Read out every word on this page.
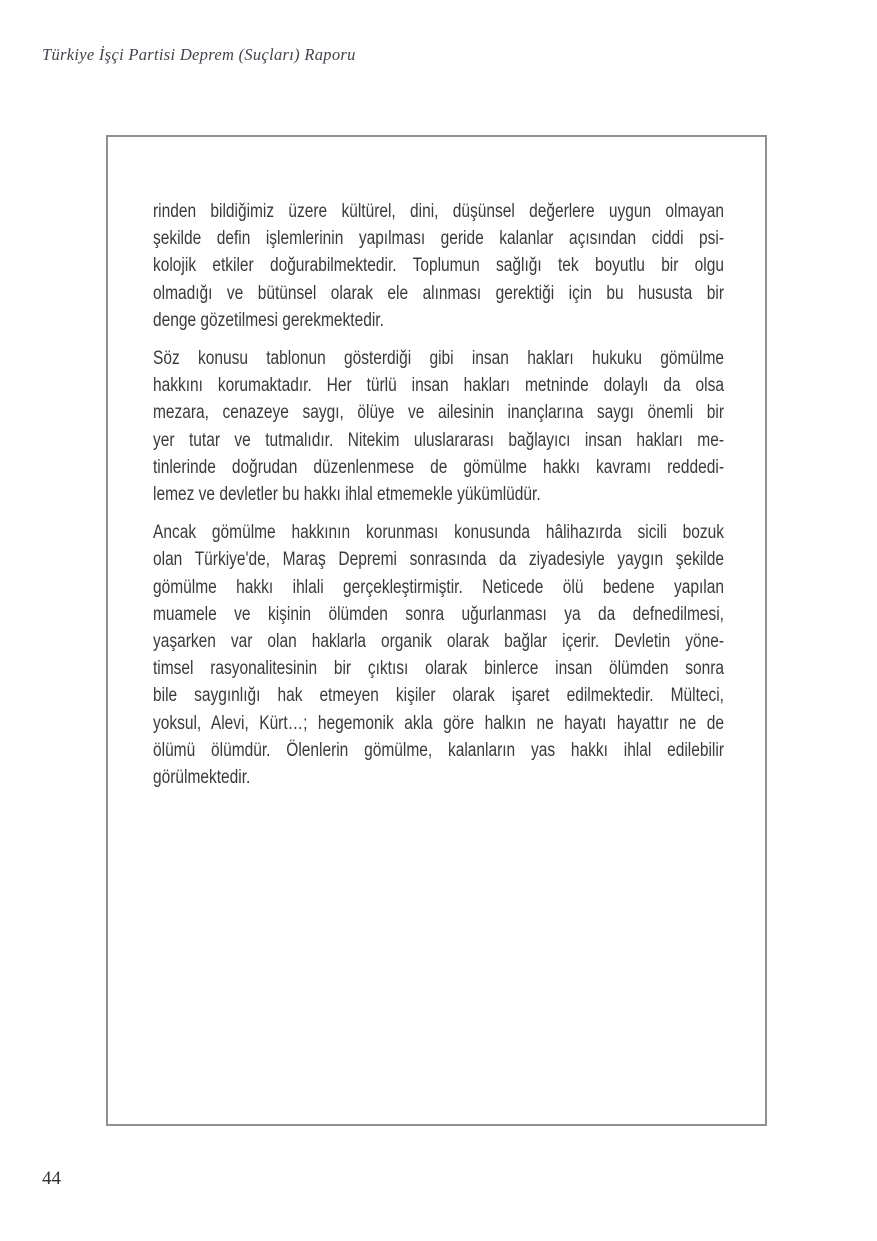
Türkiye İşçi Partisi Deprem (Suçları) Raporu
rinden bildiğimiz üzere kültürel, dini, düşünsel değerlere uygun olmayan
şekilde defin işlemlerinin yapılması geride kalanlar açısından ciddi psi-
kolojik etkiler doğurabilmektedir. Toplumun sağlığı tek boyutlu bir olgu
olmadığı ve bütünsel olarak ele alınması gerektiği için bu hususta bir
denge gözetilmesi gerekmektedir.
Söz konusu tablonun gösterdiği gibi insan hakları hukuku gömülme
hakkını korumaktadır. Her türlü insan hakları metninde dolaylı da olsa
mezara, cenazeye saygı, ölüye ve ailesinin inançlarına saygı önemli bir
yer tutar ve tutmalıdır. Nitekim uluslararası bağlayıcı insan hakları me-
tinlerinde doğrudan düzenlenmese de gömülme hakkı kavramı reddedi-
lemez ve devletler bu hakkı ihlal etmemekle yükümlüdür.
Ancak gömülme hakkının korunması konusunda hâlihazırda sicili bozuk
olan Türkiye'de, Maraş Depremi sonrasında da ziyadesiyle yaygın şekilde
gömülme hakkı ihlali gerçekleştirmiştir. Neticede ölü bedene yapılan
muamele ve kişinin ölümden sonra uğurlanması ya da defnedilmesi,
yaşarken var olan haklarla organik olarak bağlar içerir. Devletin yöne-
timsel rasyonalitesinin bir çıktısı olarak binlerce insan ölümden sonra
bile saygınlığı hak etmeyen kişiler olarak işaret edilmektedir. Mülteci,
yoksul, Alevi, Kürt…; hegemonik akla göre halkın ne hayatı hayattır ne de
ölümü ölümdür. Ölenlerin gömülme, kalanların yas hakkı ihlal edilebilir
görülmektedir.
44
